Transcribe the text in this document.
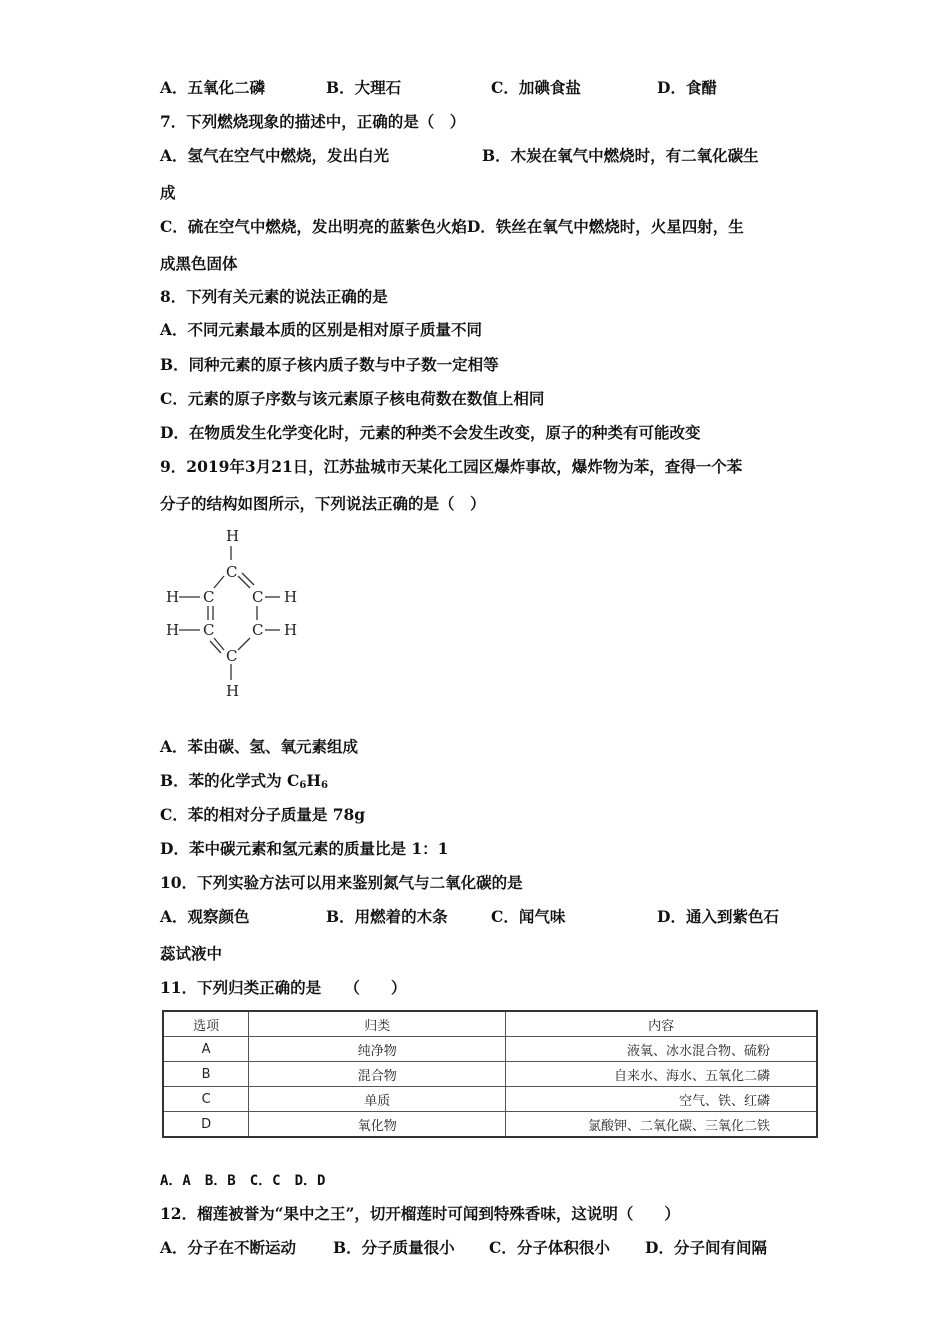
A．五氧化二磷	B．大理石	C．加碘食盐	D．食醋
7．下列燃烧现象的描述中，正确的是（　）
A．氢气在空气中燃烧，发出白光　　　　　　B．木炭在氧气中燃烧时，有二氧化碳生
成
C．硫在空气中燃烧，发出明亮的蓝紫色火焰D．铁丝在氧气中燃烧时，火星四射，生
成黑色固体
8．下列有关元素的说法正确的是
A．不同元素最本质的区别是相对原子质量不同
B．同种元素的原子核内质子数与中子数一定相等
C．元素的原子序数与该元素原子核电荷数在数值上相同
D．在物质发生化学变化时，元素的种类不会发生改变，原子的种类有可能改变
9．2019年3月21日，江苏盐城市天某化工园区爆炸事故，爆炸物为苯，查得一个苯
分子的结构如图所示，下列说法正确的是（　）
H
C
C	C
C	C
C
H
H
H
H
H
A．苯由碳、氢、氧元素组成
B．苯的化学式为 $C_6H_6$
C．苯的相对分子质量是 78g
D．苯中碳元素和氢元素的质量比是 1：1
10．下列实验方法可以用来鉴别氮气与二氧化碳的是
A．观察颜色	B．用燃着的木条	C．闻气味	D．通入到紫色石
蕊试液中
11．下列归类正确的是　　（　　）
选项	归类	内容
A	纯净物	液氧、冰水混合物、硫粉
B	混合物	自来水、海水、五氧化二磷
C	单质	空气、铁、红磷
D	氧化物	氯酸钾、二氧化碳、三氧化二铁
A．A　B．B　C．C　D．D
12．榴莲被誉为“果中之王”，切开榴莲时可闻到特殊香味，这说明（　　）
A．分子在不断运动 B．分子质量很小 C．分子体积很小 D．分子间有间隔
